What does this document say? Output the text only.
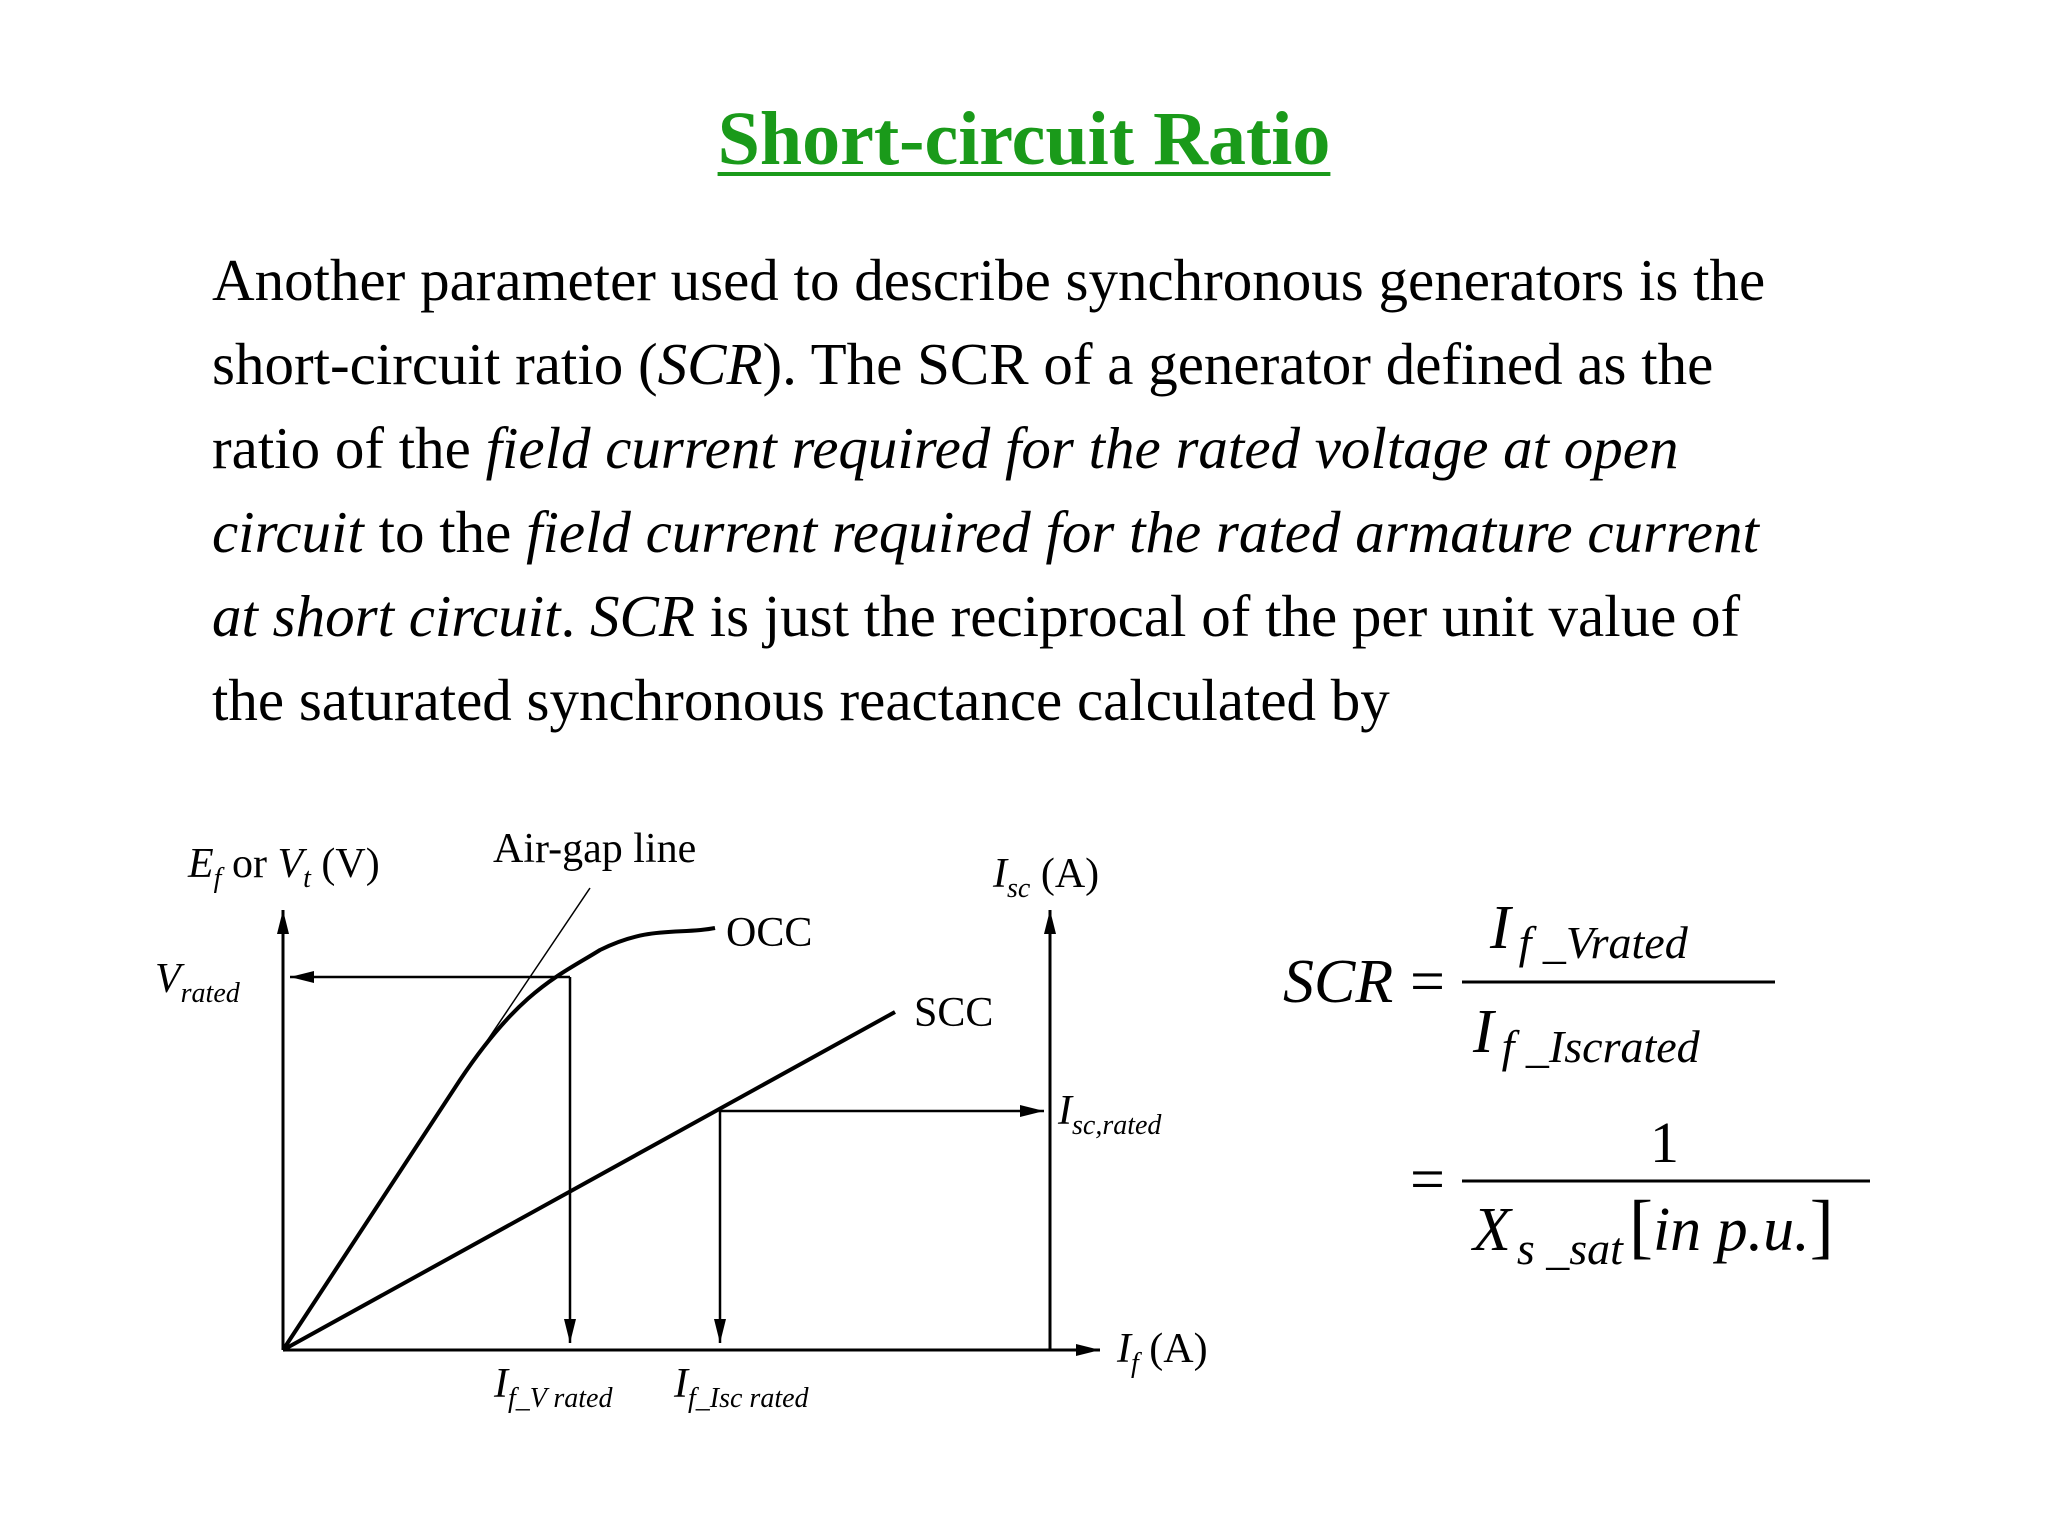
Short-circuit Ratio
Another parameter used to describe synchronous generators is the
short-circuit ratio (SCR). The SCR of a generator defined as the
ratio of the field current required for the rated voltage at open
circuit to the field current required for the rated armature current
at short circuit. SCR is just the reciprocal of the per unit value of
the saturated synchronous reactance calculated by
$E_f$ or $V_t$ (V)	Air-gap line
$I_{sc}$ (A)
OCC
SCC
$V_{rated}$
$I_{sc,rated}$
$I_f$ (A)
$I_{f\_V rated}$ $I_{f\_Isc rated}$
SCR =
I f _Vrated
I f _Iscrated
=
1
X $_{s \_sat}$[in p.u.]
